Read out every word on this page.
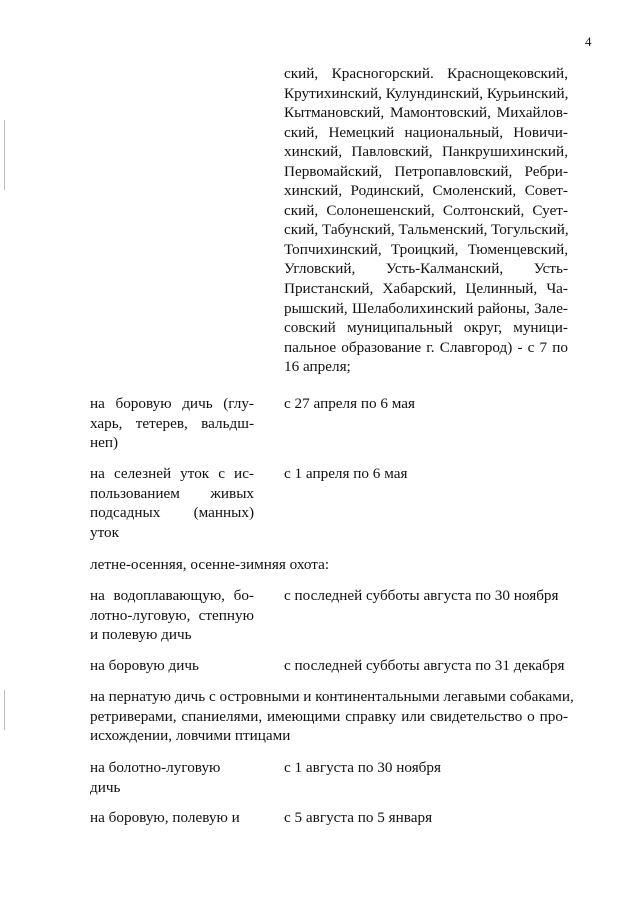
4
ский, Красногорский. Краснощековский,
Крутихинский, Кулундинский, Курьинский,
Кытмановский, Мамонтовский, Михайлов-
ский, Немецкий национальный, Новичи-
хинский, Павловский, Панкрушихинский,
Первомайский, Петропавловский, Ребри-
хинский, Родинский, Смоленский, Совет-
ский, Солонешенский, Солтонский, Сует-
ский, Табунский, Тальменский, Тогульский,
Топчихинский, Троицкий, Тюменцевский,
Угловский, Усть-Калманский, Усть-
Пристанский, Хабарский, Целинный, Ча-
рышский, Шелаболихинский районы, Зале-
совский муниципальный округ, муници-
пальное образование г. Славгород) - с 7 по
16 апреля;
на боровую дичь (глу-
харь, тетерев, вальдш-
неп)
с 27 апреля по 6 мая
на селезней уток с ис-
пользованием живых
подсадных (манных)
уток
с 1 апреля по 6 мая
летне-осенняя, осенне-зимняя охота:
на водоплавающую, бо-
лотно-луговую, степную
и полевую дичь
с последней субботы августа по 30 ноября
на боровую дичь	с последней субботы августа по 31 декабря
на пернатую дичь с островными и континентальными легавыми собаками,
ретриверами, спаниелями, имеющими справку или свидетельство о про-
исхождении, ловчими птицами
на болотно-луговую
дичь
с 1 августа по 30 ноября
на боровую, полевую и	с 5 августа по 5 января
